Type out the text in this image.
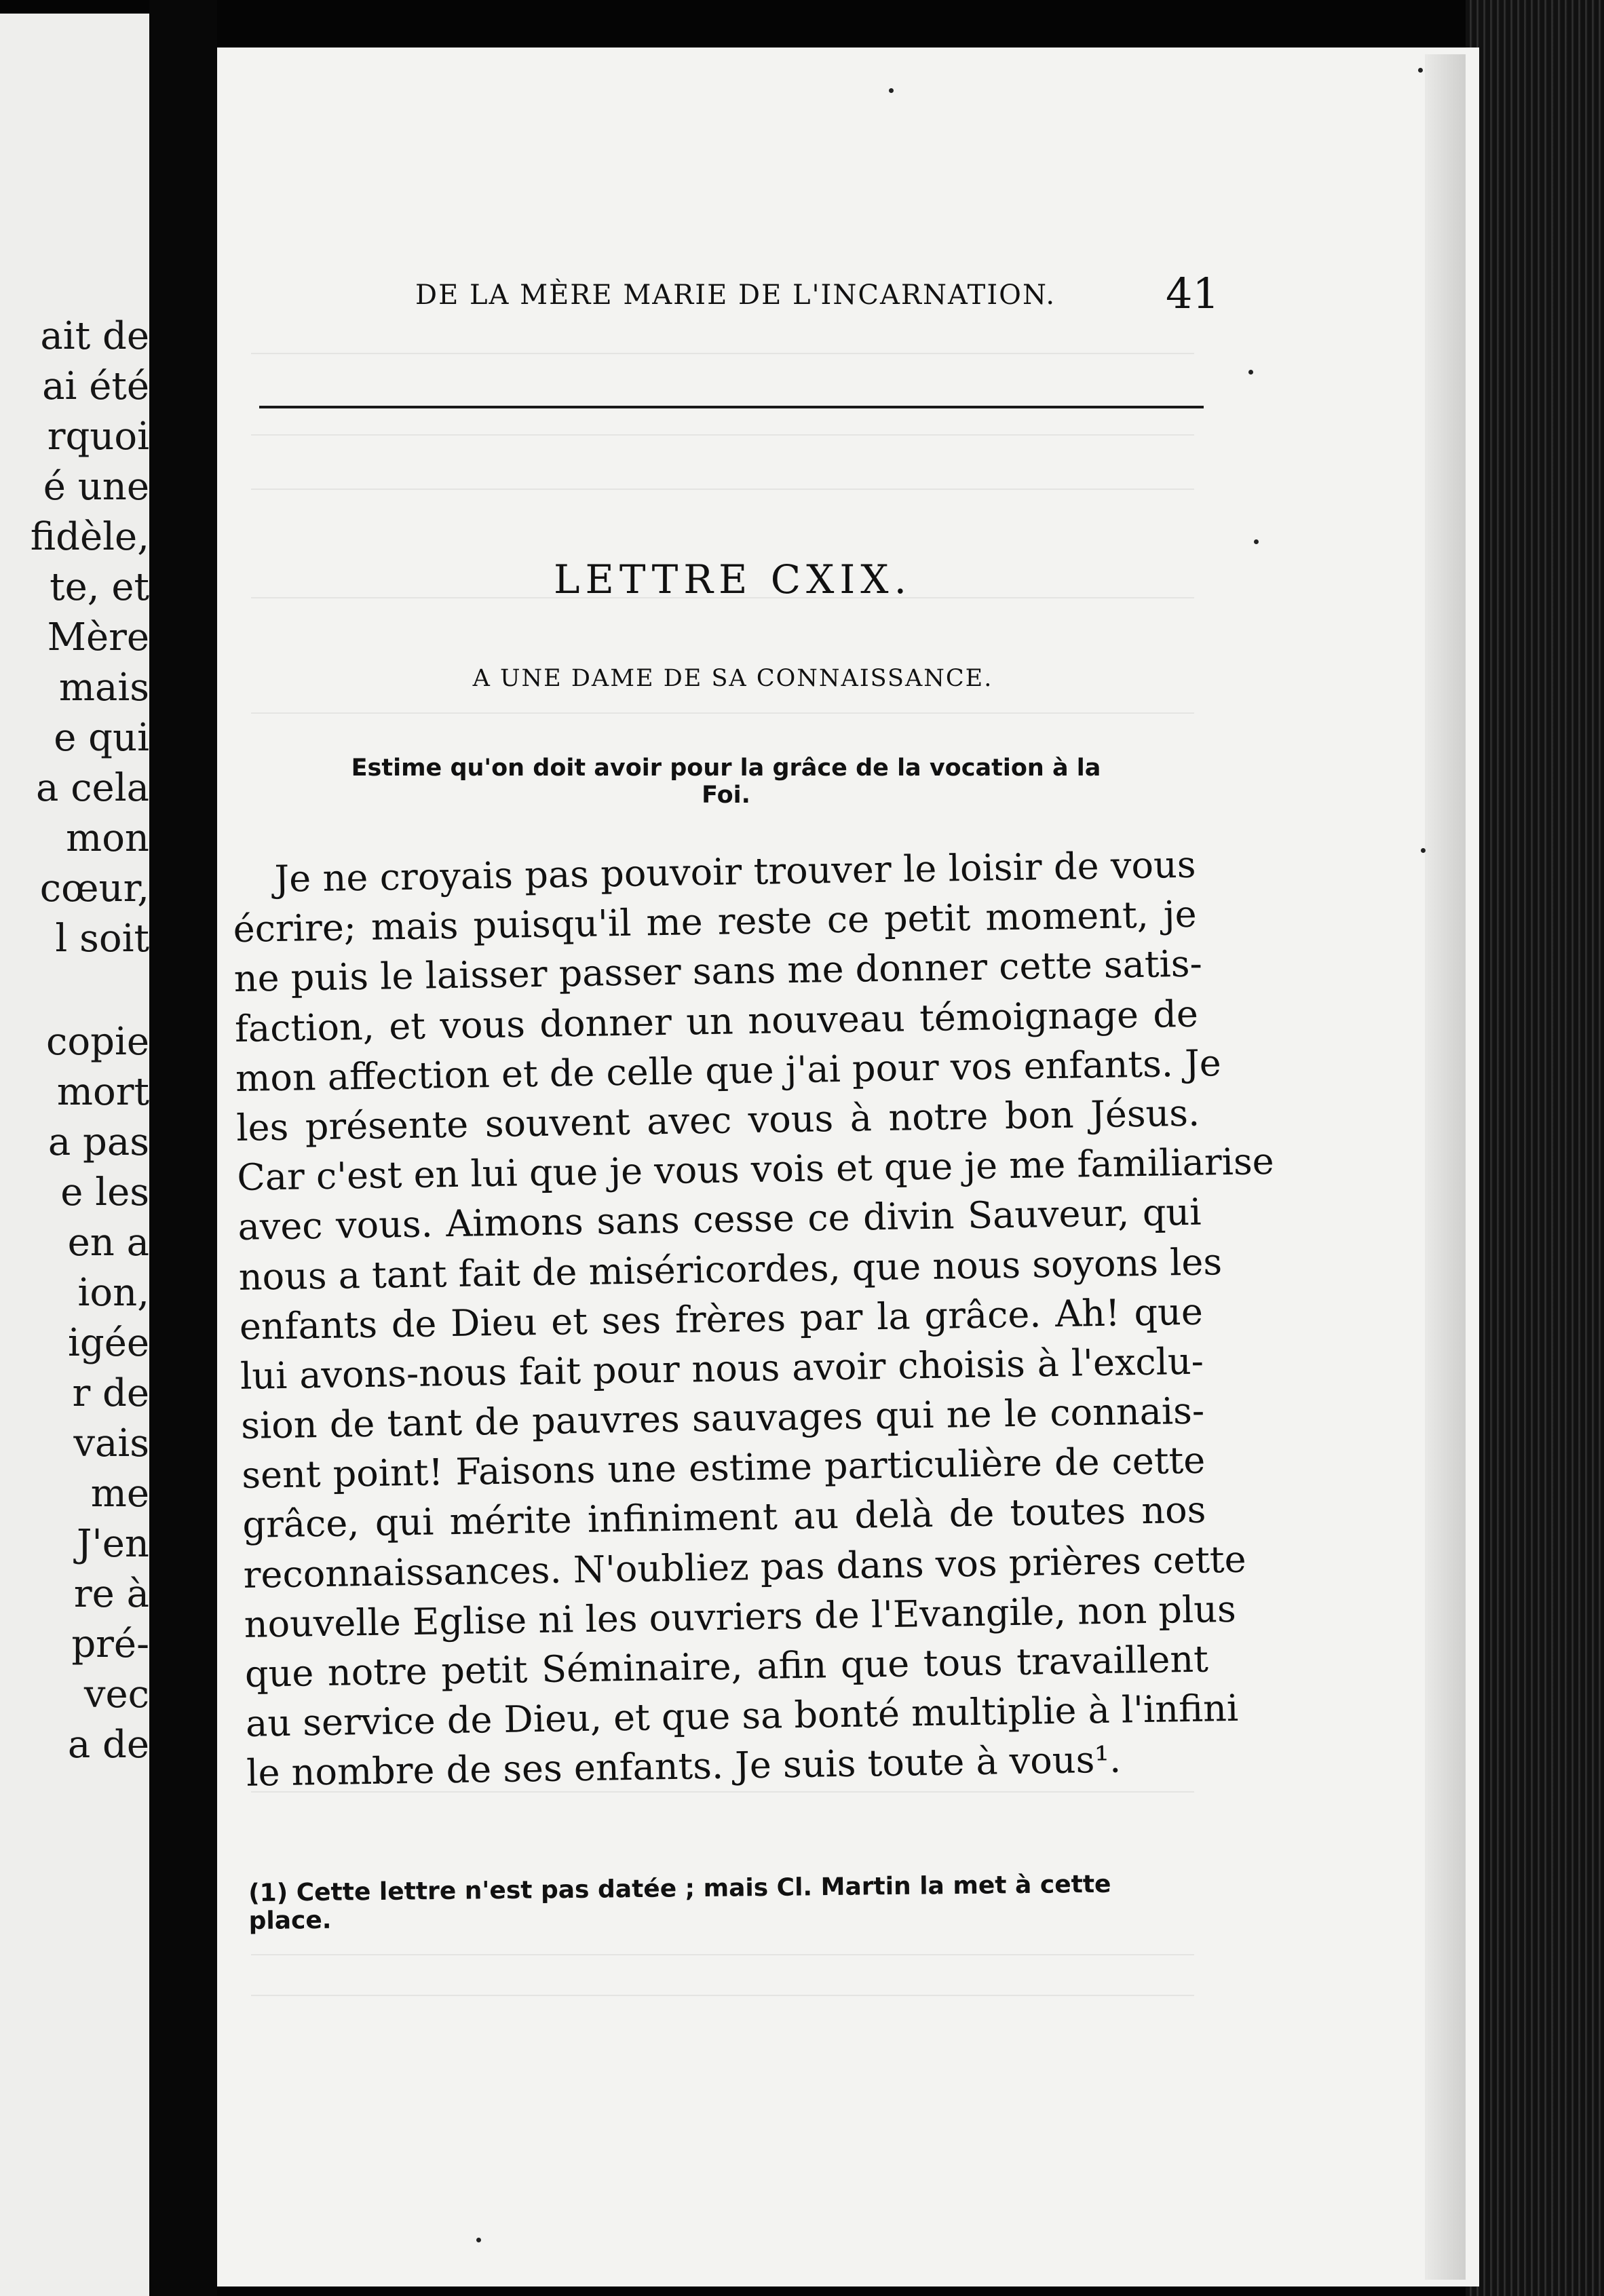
ait de
ai été
rquoi
é une
fidèle,
te, et
Mère
mais
e qui
a cela
mon
cœur,
l soit
copie
mort
a pas
e les
en a
ion,
igée
r de
vais
me
J'en
re à
pré-
vec
a de
DE LA MÈRE MARIE DE L'INCARNATION.	41
LETTRE CXIX.
A UNE DAME DE SA CONNAISSANCE.
Estime qu'on doit avoir pour la grâce de la vocation à la Foi.
Je ne croyais pas pouvoir trouver le loisir de vous
écrire; mais puisqu'il me reste ce petit moment, je
ne puis le laisser passer sans me donner cette satis-
faction, et vous donner un nouveau témoignage de
mon affection et de celle que j'ai pour vos enfants. Je
les présente souvent avec vous à notre bon Jésus.
Car c'est en lui que je vous vois et que je me familiarise
avec vous. Aimons sans cesse ce divin Sauveur, qui
nous a tant fait de miséricordes, que nous soyons les
enfants de Dieu et ses frères par la grâce. Ah! que
lui avons-nous fait pour nous avoir choisis à l'exclu-
sion de tant de pauvres sauvages qui ne le connais-
sent point! Faisons une estime particulière de cette
grâce, qui mérite infiniment au delà de toutes nos
reconnaissances. N'oubliez pas dans vos prières cette
nouvelle Eglise ni les ouvriers de l'Evangile, non plus
que notre petit Séminaire, afin que tous travaillent
au service de Dieu, et que sa bonté multiplie à l'infini
le nombre de ses enfants. Je suis toute à vous¹.
(1) Cette lettre n'est pas datée ; mais Cl. Martin la met à cette place.
